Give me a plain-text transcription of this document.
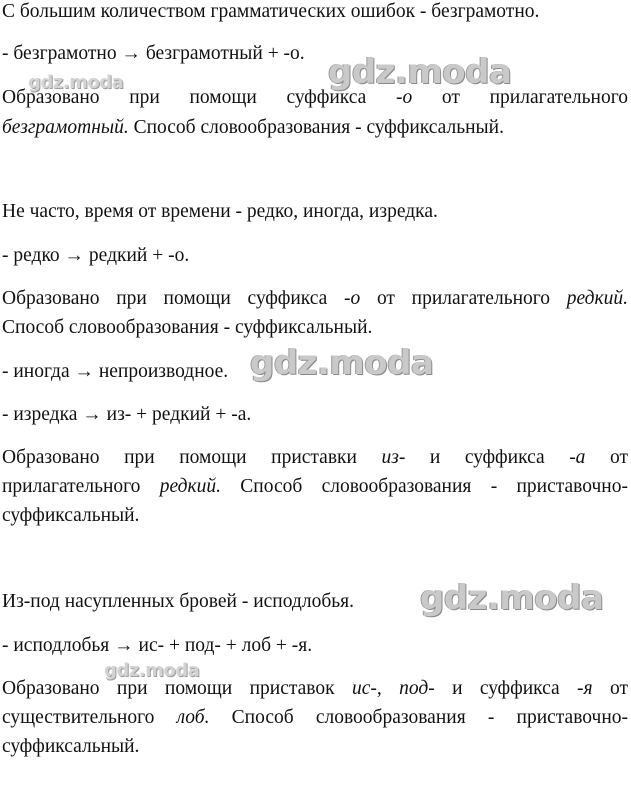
С большим количеством грамматических ошибок - безграмотно.
- безграмотно → безграмотный + -о.
Образовано при помощи суффикса -о от прилагательного
безграмотный. Способ словообразования - суффиксальный.
Не часто, время от времени - редко, иногда, изредка.
- редко → редкий + -о.
Образовано при помощи суффикса -о от прилагательного редкий.
Способ словообразования - суффиксальный.
- иногда → непроизводное.
- изредка → из- + редкий + -а.
Образовано при помощи приставки из- и суффикса -а от
прилагательного редкий. Способ словообразования - приставочно-
суффиксальный.
Из-под насупленных бровей - исподлобья.
- исподлобья → ис- + под- + лоб + -я.
Образовано при помощи приставок ис-, под- и суффикса -я от
существительного лоб. Способ словообразования - приставочно-
суффиксальный.
gdz.moda	gdz.moda
gdz.moda
gdz.moda
gdz.moda
